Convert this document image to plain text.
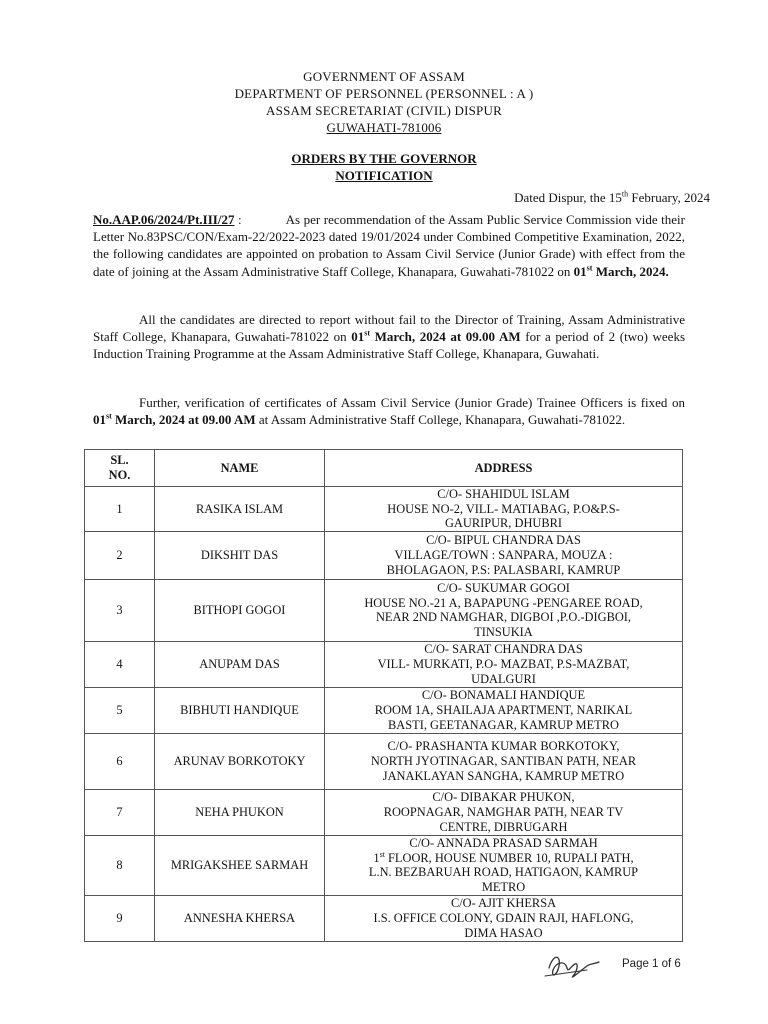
GOVERNMENT OF ASSAM
DEPARTMENT OF PERSONNEL (PERSONNEL : A )
ASSAM SECRETARIAT (CIVIL) DISPUR
GUWAHATI-781006
ORDERS BY THE GOVERNOR
NOTIFICATION
Dated Dispur, the 15th February, 2024
No.AAP.06/2024/Pt.III/27 :	As per recommendation of the Assam Public Service Commission vide their Letter No.83PSC/CON/Exam-22/2022-2023 dated 19/01/2024 under Combined Competitive Examination, 2022, the following candidates are appointed on probation to Assam Civil Service (Junior Grade) with effect from the date of joining at the Assam Administrative Staff College, Khanapara, Guwahati-781022 on 01st March, 2024.
All the candidates are directed to report without fail to the Director of Training, Assam Administrative Staff College, Khanapara, Guwahati-781022 on 01st March, 2024 at 09.00 AM for a period of 2 (two) weeks Induction Training Programme at the Assam Administrative Staff College, Khanapara, Guwahati.
Further, verification of certificates of Assam Civil Service (Junior Grade) Trainee Officers is fixed on 01st March, 2024 at 09.00 AM at Assam Administrative Staff College, Khanapara, Guwahati-781022.
SL.
NO.	NAME	ADDRESS
1	RASIKA ISLAM	C/O- SHAHIDUL ISLAM
HOUSE NO-2, VILL- MATIABAG, P.O&P.S-
GAURIPUR, DHUBRI

2	DIKSHIT DAS	C/O- BIPUL CHANDRA DAS
VILLAGE/TOWN : SANPARA, MOUZA :
BHOLAGAON, P.S: PALASBARI, KAMRUP

3	BITHOPI GOGOI	C/O- SUKUMAR GOGOI
HOUSE NO.-21 A, BAPAPUNG -PENGAREE ROAD,
NEAR 2ND NAMGHAR, DIGBOI ,P.O.-DIGBOI,
TINSUKIA

4	ANUPAM DAS	C/O- SARAT CHANDRA DAS
VILL- MURKATI, P.O- MAZBAT, P.S-MAZBAT,
UDALGURI

5	BIBHUTI HANDIQUE	C/O- BONAMALI HANDIQUE
ROOM 1A, SHAILAJA APARTMENT, NARIKAL
BASTI, GEETANAGAR, KAMRUP METRO

6	ARUNAV BORKOTOKY	C/O- PRASHANTA KUMAR BORKOTOKY,
NORTH JYOTINAGAR, SANTIBAN PATH, NEAR
JANAKLAYAN SANGHA, KAMRUP METRO

7	NEHA PHUKON	C/O- DIBAKAR PHUKON,
ROOPNAGAR, NAMGHAR PATH, NEAR TV
CENTRE, DIBRUGARH

8	MRIGAKSHEE SARMAH	C/O- ANNADA PRASAD SARMAH
1st FLOOR, HOUSE NUMBER 10, RUPALI PATH,
L.N. BEZBARUAH ROAD, HATIGAON, KAMRUP
METRO

9	ANNESHA KHERSA	C/O- AJIT KHERSA
I.S. OFFICE COLONY, GDAIN RAJI, HAFLONG,
DIMA HASAO
Page 1 of 6
